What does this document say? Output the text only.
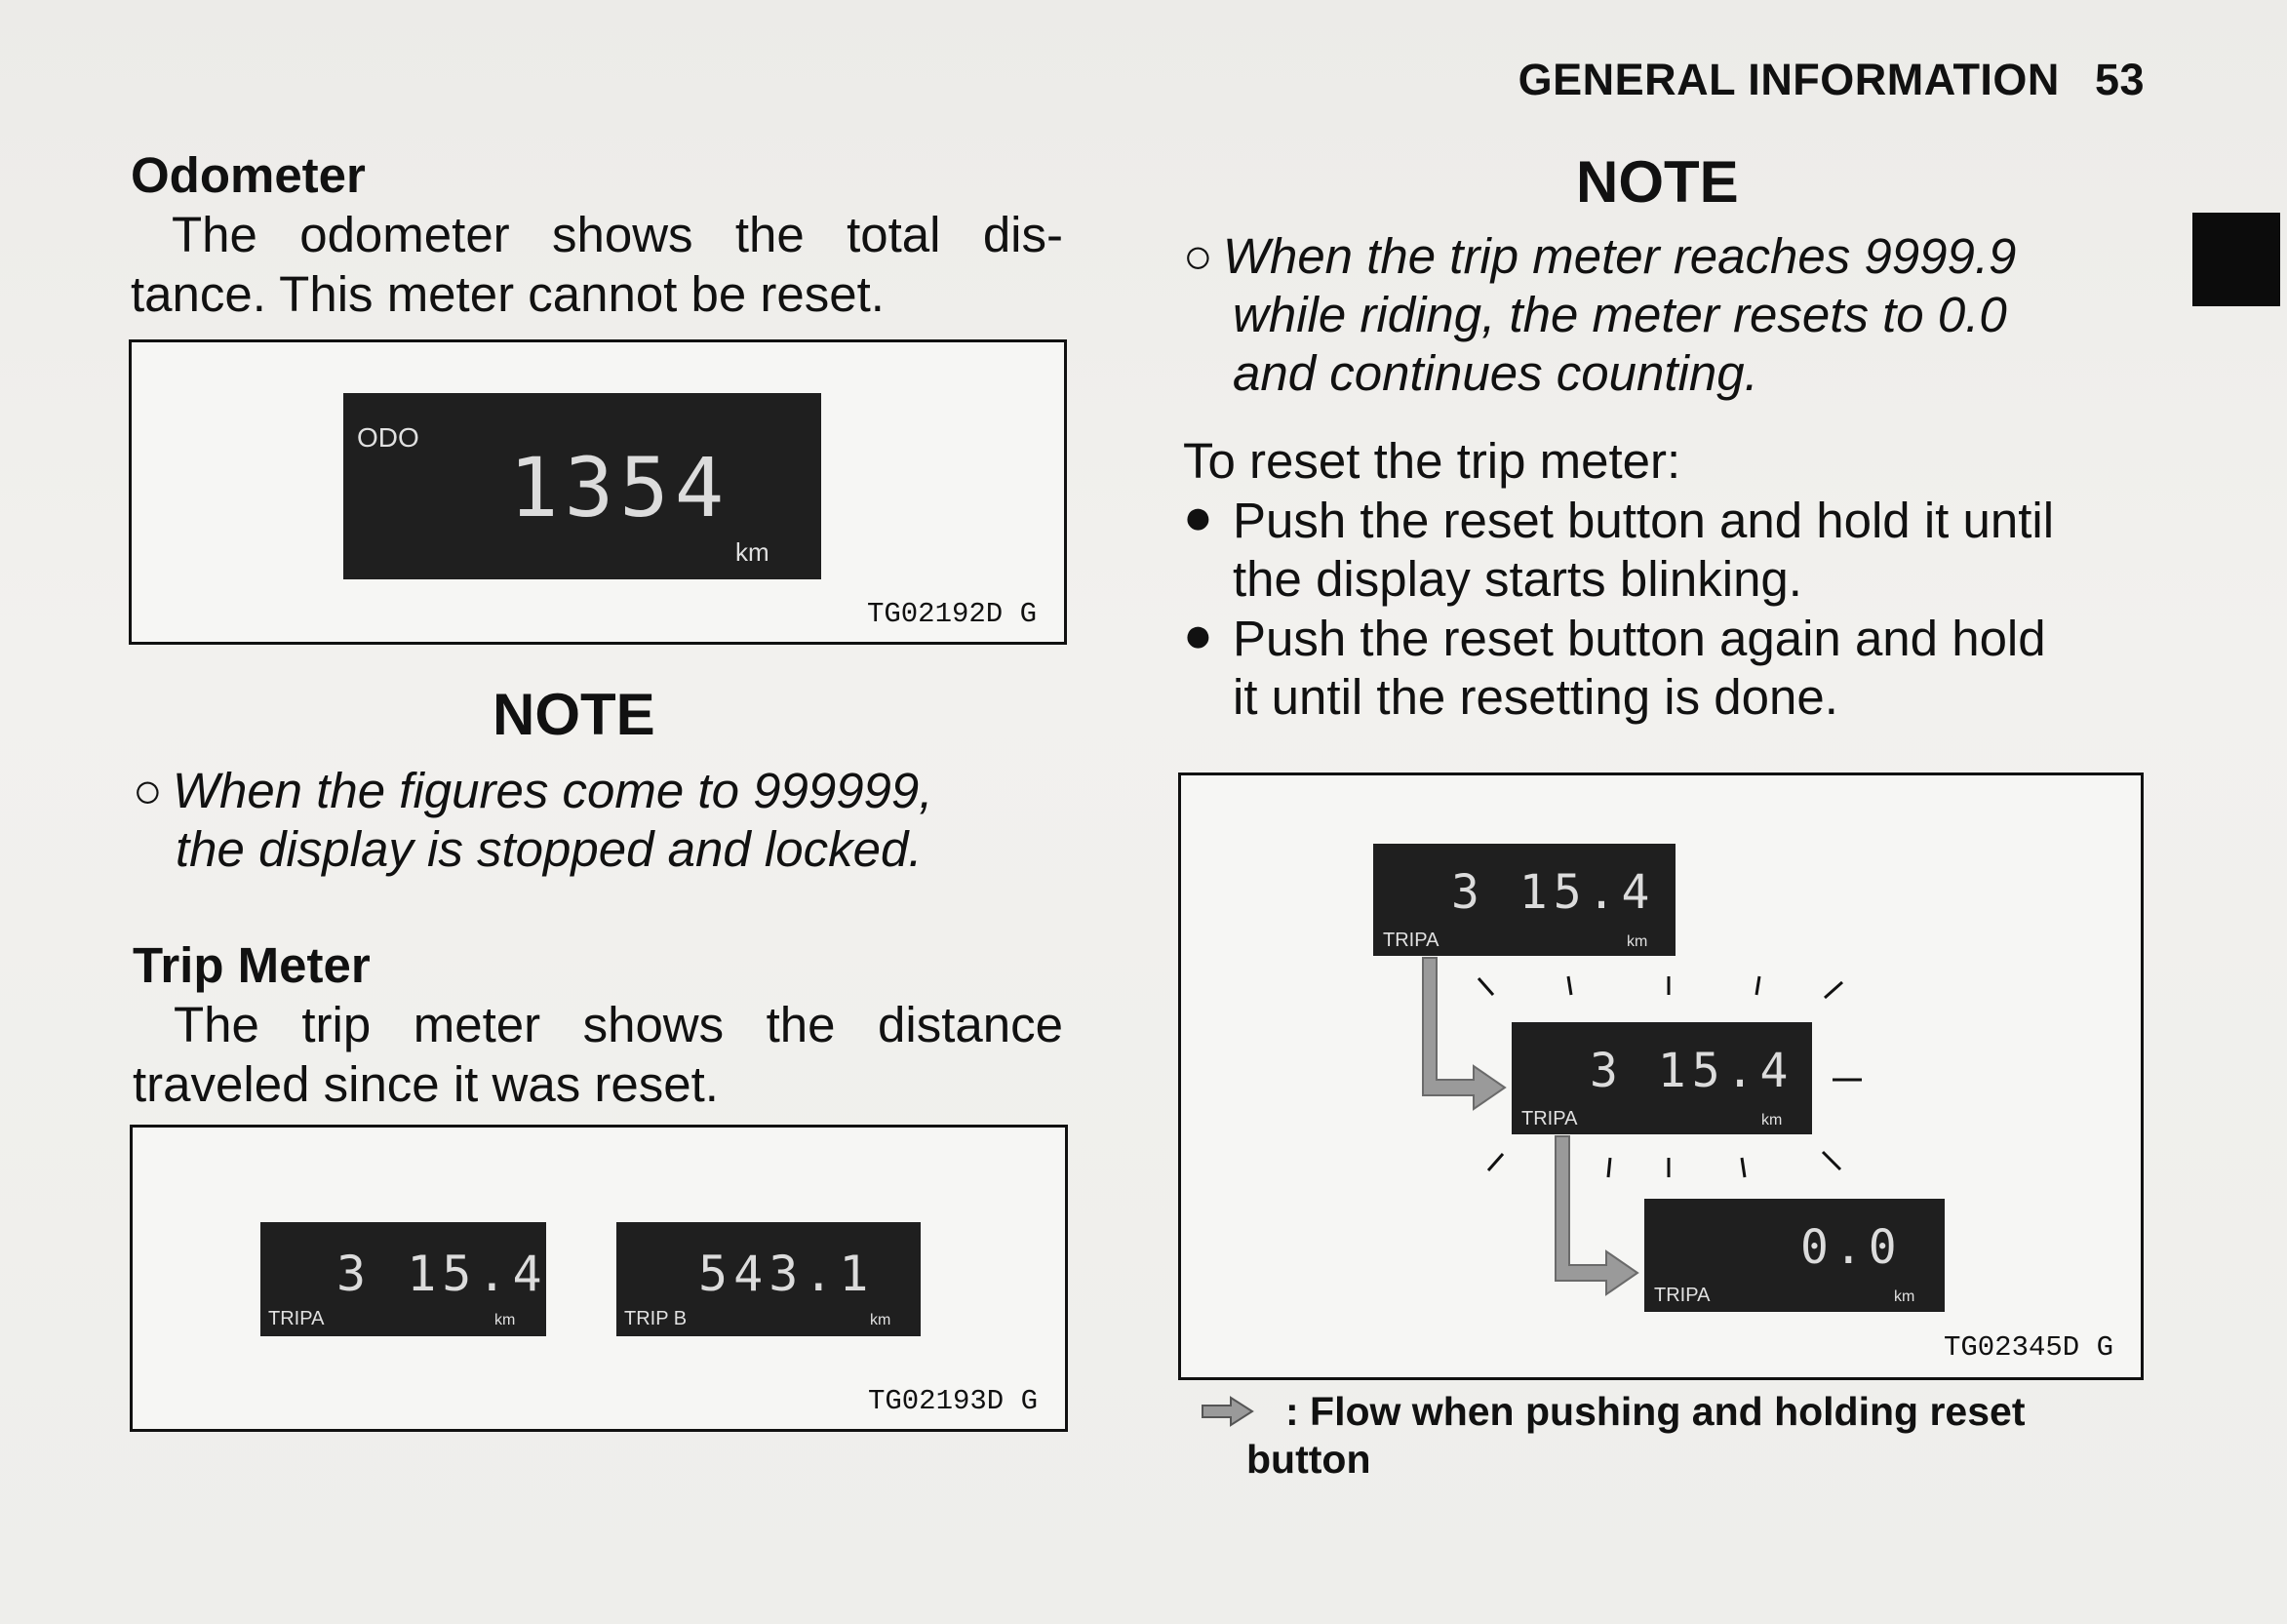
GENERAL INFORMATION 53
Odometer
The odometer shows the total dis-
tance. This meter cannot be reset.
ODO
1354
km
TG02192D G
NOTE
○ When the figures come to 999999,
the display is stopped and locked.
Trip Meter
The trip meter shows the distance
traveled since it was reset.
3 15.4
TRIPA	km
543.1
TRIP B	km
TG02193D G
NOTE
○ When the trip meter reaches 9999.9
while riding, the meter resets to 0.0
and continues counting.
To reset the trip meter:
● Push the reset button and hold it until
the display starts blinking.
● Push the reset button again and hold
it until the resetting is done.
3 15.4
TRIPA	km
3 15.4
TRIPA	km
0.0
TRIPA	km
TG02345D G
: Flow when pushing and holding reset
button
